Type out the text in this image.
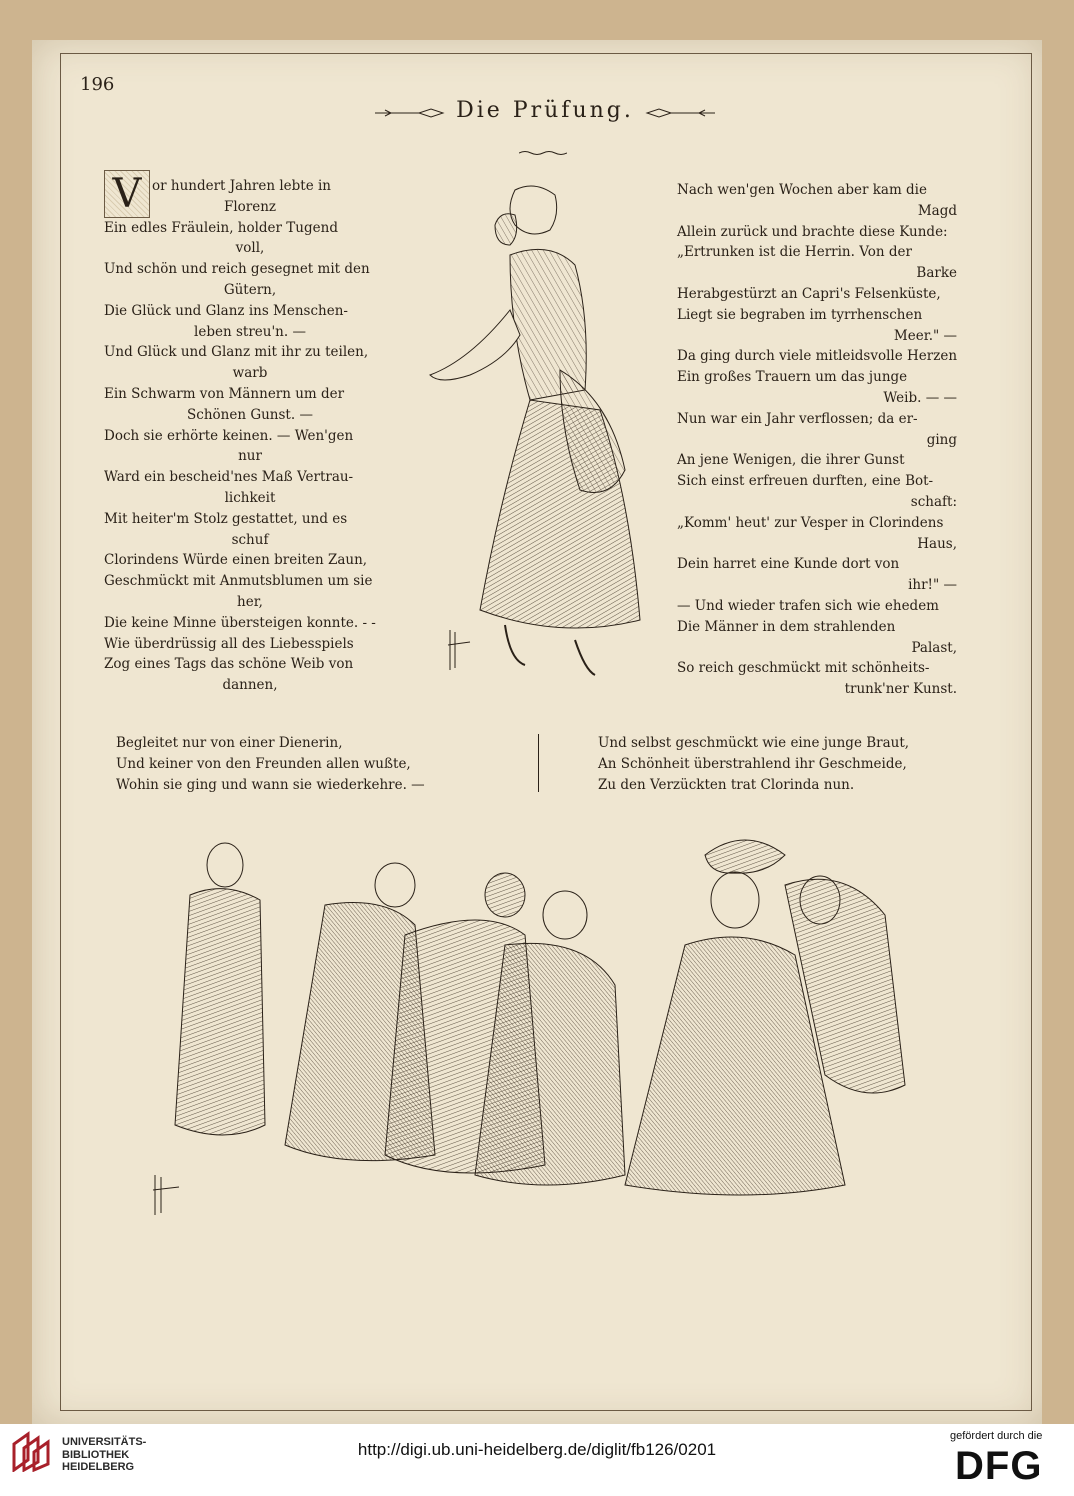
196
Die Prüfung.
V or hundert Jahren lebte in
Florenz
Ein edles Fräulein, holder Tugend
voll,
Und schön und reich gesegnet mit den
Gütern,
Die Glück und Glanz ins Menschen-
leben streu'n. —
Und Glück und Glanz mit ihr zu teilen,
warb
Ein Schwarm von Männern um der
Schönen Gunst. —
Doch sie erhörte keinen. — Wen'gen
nur
Ward ein bescheid'nes Maß Vertrau-
lichkeit
Mit heiter'm Stolz gestattet, und es
schuf
Clorindens Würde einen breiten Zaun,
Geschmückt mit Anmutsblumen um sie
her,
Die keine Minne übersteigen konnte. - -
Wie überdrüssig all des Liebesspiels
Zog eines Tags das schöne Weib von
dannen,
Nach wen'gen Wochen aber kam die
Magd
Allein zurück und brachte diese Kunde:
„Ertrunken ist die Herrin. Von der
Barke
Herabgestürzt an Capri's Felsenküste,
Liegt sie begraben im tyrrhenschen
Meer." —
Da ging durch viele mitleidsvolle Herzen
Ein großes Trauern um das junge
Weib. — —
Nun war ein Jahr verflossen; da er-
ging
An jene Wenigen, die ihrer Gunst
Sich einst erfreuen durften, eine Bot-
schaft:
„Komm' heut' zur Vesper in Clorindens
Haus,
Dein harret eine Kunde dort von
ihr!" —
— Und wieder trafen sich wie ehedem
Die Männer in dem strahlenden
Palast,
So reich geschmückt mit schönheits-
trunk'ner Kunst.
Begleitet nur von einer Dienerin,
Und keiner von den Freunden allen wußte,
Wohin sie ging und wann sie wiederkehre. —
Und selbst geschmückt wie eine junge Braut,
An Schönheit überstrahlend ihr Geschmeide,
Zu den Verzückten trat Clorinda nun.
UNIVERSITÄTS-
BIBLIOTHEK
HEIDELBERG
http://digi.ub.uni-heidelberg.de/diglit/fb126/0201
gefördert durch die
DFG
